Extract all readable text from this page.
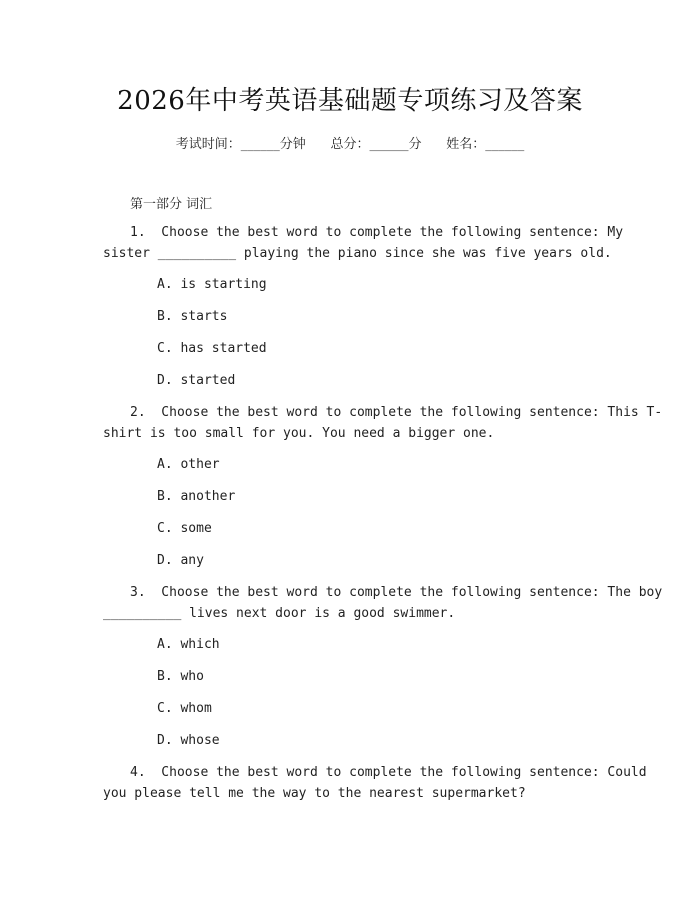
2026年中考英语基础题专项练习及答案
考试时间：______分钟      总分：______分      姓名：______
第一部分 词汇
1.  Choose the best word to complete the following sentence: My
sister __________ playing the piano since she was five years old.
A. is starting
B. starts
C. has started
D. started
2.  Choose the best word to complete the following sentence: This T-
shirt is too small for you. You need a bigger one.
A. other
B. another
C. some
D. any
3.  Choose the best word to complete the following sentence: The boy
__________ lives next door is a good swimmer.
A. which
B. who
C. whom
D. whose
4.  Choose the best word to complete the following sentence: Could
you please tell me the way to the nearest supermarket?
